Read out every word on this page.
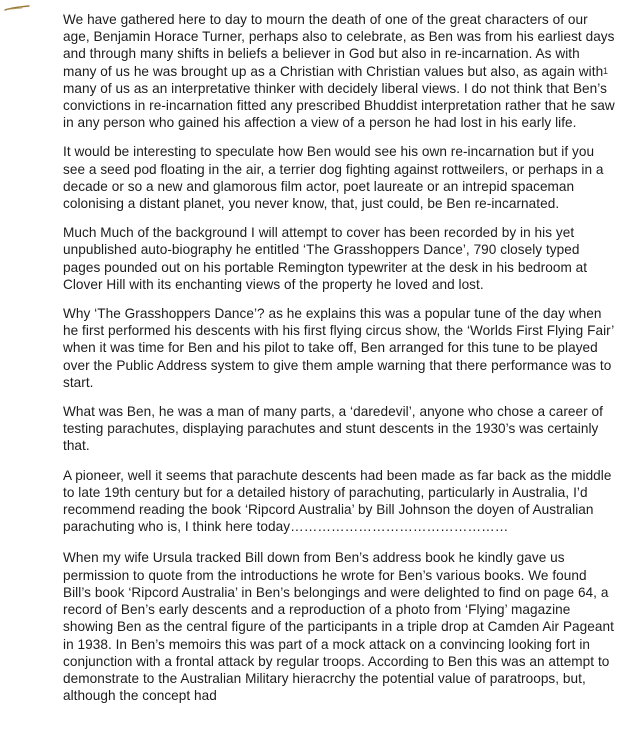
1

We have gathered here to day to mourn the death of one of the great characters of our age, Benjamin Horace Turner, perhaps also to celebrate, as Ben was from his earliest days and through many shifts in beliefs a believer in God but also in re-incarnation. As with many of us he was brought up as a Christian with Christian values but also, as again with many of us as an interpretative thinker with decidely liberal views. I do not think that Ben’s convictions in re-incarnation fitted any prescribed Bhuddist interpretation rather that he saw in any person who gained his affection a view of a person he had lost in his early life.

It would be interesting to speculate how Ben would see his own re-incarnation but if you see a seed pod floating in the air, a terrier dog fighting against rottweilers, or perhaps in a decade or so a new and glamorous film actor, poet laureate or an intrepid spaceman colonising a distant planet, you never know, that, just could, be Ben re-incarnated.

Much Much of the background I will attempt to cover has been recorded by in his yet unpublished auto-biography he entitled ‘The Grasshoppers Dance’, 790 closely typed pages pounded out on his portable Remington typewriter at the desk in his bedroom at Clover Hill with its enchanting views of the property he loved and lost.

Why ‘The Grasshoppers Dance’? as he explains this was a popular tune of the day when he first performed his descents with his first flying circus show, the ‘Worlds First Flying Fair’ when it was time for Ben and his pilot to take off, Ben arranged for this tune to be played over the Public Address system to give them ample warning that there performance was to start.

What was Ben, he was a man of many parts, a ‘daredevil’, anyone who chose a career of testing parachutes, displaying parachutes and stunt descents in the 1930’s was certainly that.

A pioneer, well it seems that parachute descents had been made as far back as the middle to late 19th century but for a detailed history of parachuting, particularly in Australia, I’d recommend reading the book ‘Ripcord Australia’ by Bill Johnson the doyen of Australian parachuting who is, I think here today…………………………………………

When my wife Ursula tracked Bill down from Ben’s address book he kindly gave us permission to quote from the introductions he wrote for Ben’s various books. We found Bill’s book ‘Ripcord Australia’ in Ben’s belongings and were delighted to find on page 64, a record of Ben’s early descents and a reproduction of a photo from ‘Flying’ magazine showing Ben as the central figure of the participants in a triple drop at Camden Air Pageant in 1938. In Ben’s memoirs this was part of a mock attack on a convincing looking fort in conjunction with a frontal attack by regular troops. According to Ben this was an attempt to demonstrate to the Australian Military hieracrchy the potential value of paratroops, but, although the concept had
